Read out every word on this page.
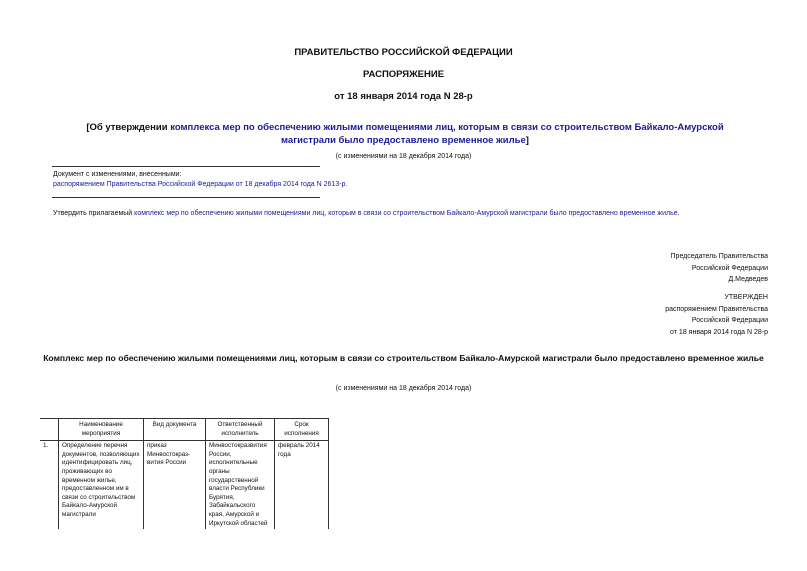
ПРАВИТЕЛЬСТВО РОССИЙСКОЙ ФЕДЕРАЦИИ
РАСПОРЯЖЕНИЕ
от 18 января 2014 года N 28-р
[Об утверждении комплекса мер по обеспечению жилыми помещениями лиц, которым в связи со строительством Байкало-Амурской магистрали было предоставлено временное жилье]
(с изменениями на 18 декабря 2014 года)
Документ с изменениями, внесенными:
распоряжением Правительства Российской Федерации от 18 декабря 2014 года N 2613-р.
Утвердить прилагаемый комплекс мер по обеспечению жилыми помещениями лиц, которым в связи со строительством Байкало-Амурской магистрали было предоставлено временное жилье.
Председатель Правительства
Российской Федерации
Д.Медведев
УТВЕРЖДЕН
распоряжением Правительства
Российской Федерации
от 18 января 2014 года N 28-р
Комплекс мер по обеспечению жилыми помещениями лиц, которым в связи со строительством Байкало-Амурской магистрали было предоставлено временное жилье
(с изменениями на 18 декабря 2014 года)
	Наименование мероприятия	Вид документа	Ответственный исполнитель	Срок исполнения
1.	Определение перечня документов, позволяющих идентифицировать лиц, проживающих во временном жилье, предоставленном им в связи со строительством Байкало-Амурской магистрали	приказ Минвостокраз-вития России	Минвостокразвития России, исполнительные органы государственной власти Республики Бурятия, Забайкальского края, Амурской и Иркутской областей	февраль 2014 года
